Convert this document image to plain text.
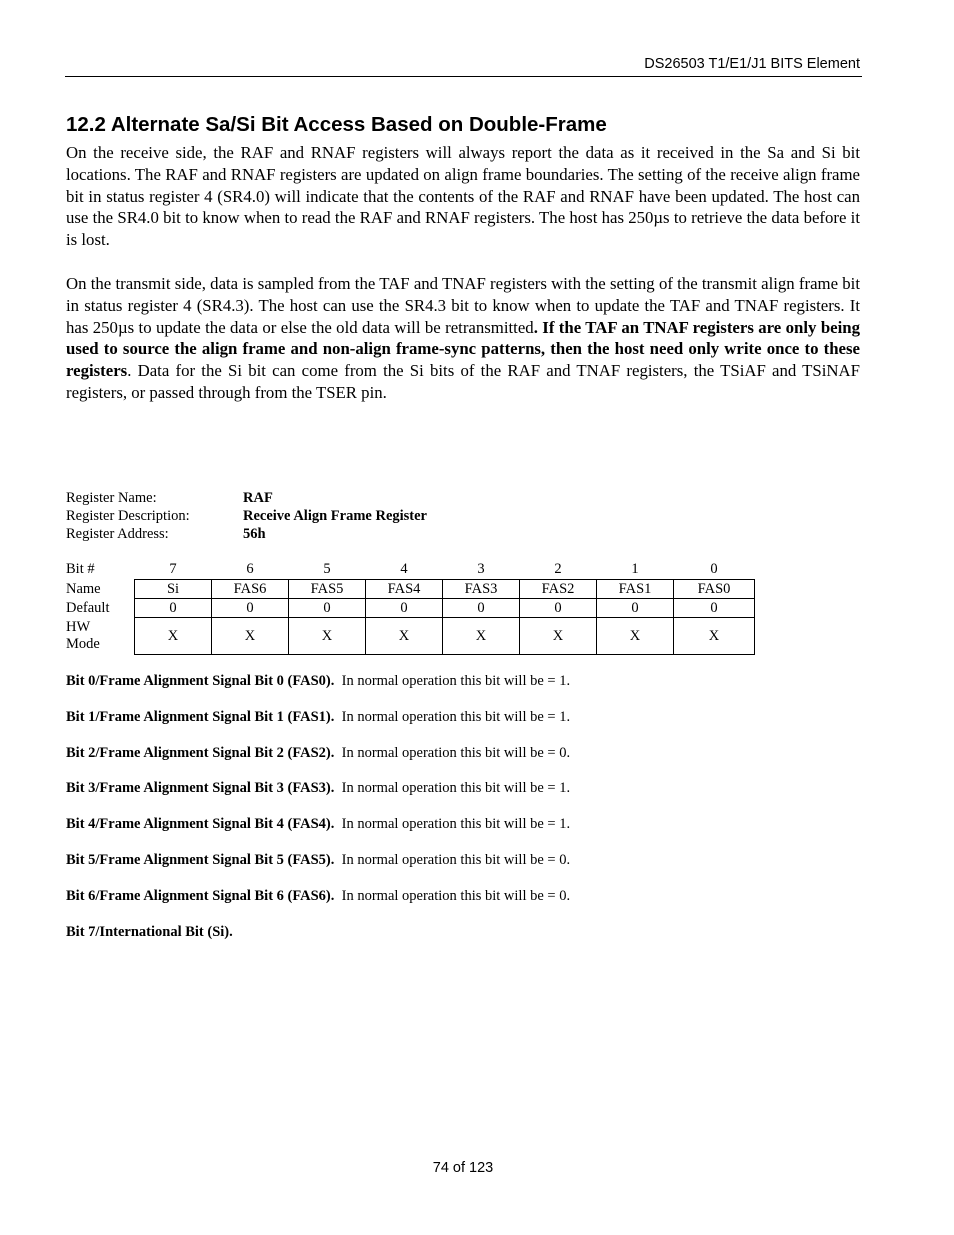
DS26503 T1/E1/J1 BITS Element
12.2 Alternate Sa/Si Bit Access Based on Double-Frame

On the receive side, the RAF and RNAF registers will always report the data as it received in the Sa and Si bit locations. The RAF and RNAF registers are updated on align frame boundaries. The setting of the receive align frame bit in status register 4 (SR4.0) will indicate that the contents of the RAF and RNAF have been updated. The host can use the SR4.0 bit to know when to read the RAF and RNAF registers. The host has 250µs to retrieve the data before it is lost.

On the transmit side, data is sampled from the TAF and TNAF registers with the setting of the transmit align frame bit in status register 4 (SR4.3). The host can use the SR4.3 bit to know when to update the TAF and TNAF registers. It has 250µs to update the data or else the old data will be retransmitted. If the TAF an TNAF registers are only being used to source the align frame and non-align frame-sync patterns, then the host need only write once to these registers. Data for the Si bit can come from the Si bits of the RAF and TNAF registers, the TSiAF and TSiNAF registers, or passed through from the TSER pin.

Register Name:	RAF
Register Description:	Receive Align Frame Register
Register Address:	56h
Bit #	7	6	5	4	3	2	1	0
Name	Si	FAS6	FAS5	FAS4	FAS3	FAS2	FAS1	FAS0
Default	0	0	0	0	0	0	0	0
HW
Mode	X	X	X	X	X	X	X	X
Bit 0/Frame Alignment Signal Bit 0 (FAS0). In normal operation this bit will be = 1.
Bit 1/Frame Alignment Signal Bit 1 (FAS1). In normal operation this bit will be = 1.
Bit 2/Frame Alignment Signal Bit 2 (FAS2). In normal operation this bit will be = 0.
Bit 3/Frame Alignment Signal Bit 3 (FAS3). In normal operation this bit will be = 1.
Bit 4/Frame Alignment Signal Bit 4 (FAS4). In normal operation this bit will be = 1.
Bit 5/Frame Alignment Signal Bit 5 (FAS5). In normal operation this bit will be = 0.
Bit 6/Frame Alignment Signal Bit 6 (FAS6). In normal operation this bit will be = 0.
Bit 7/International Bit (Si).
74 of 123
